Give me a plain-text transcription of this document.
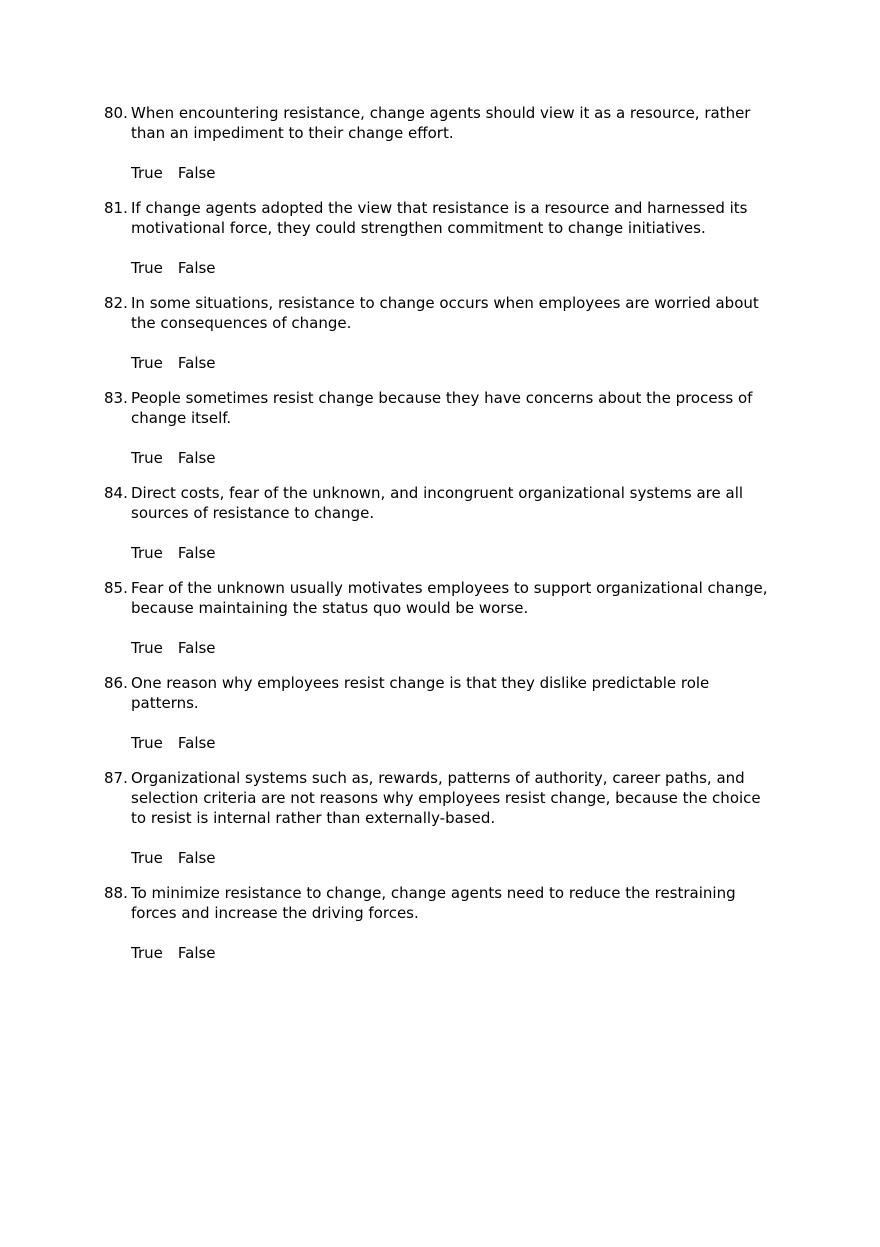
80. When encountering resistance, change agents should view it as a resource, rather than an impediment to their change effort.
True False
81. If change agents adopted the view that resistance is a resource and harnessed its motivational force, they could strengthen commitment to change initiatives.
True False
82. In some situations, resistance to change occurs when employees are worried about the consequences of change.
True False
83. People sometimes resist change because they have concerns about the process of change itself.
True False
84. Direct costs, fear of the unknown, and incongruent organizational systems are all sources of resistance to change.
True False
85. Fear of the unknown usually motivates employees to support organizational change, because maintaining the status quo would be worse.
True False
86. One reason why employees resist change is that they dislike predictable role patterns.
True False
87. Organizational systems such as, rewards, patterns of authority, career paths, and selection criteria are not reasons why employees resist change, because the choice to resist is internal rather than externally-based.
True False
88. To minimize resistance to change, change agents need to reduce the restraining forces and increase the driving forces.
True False
